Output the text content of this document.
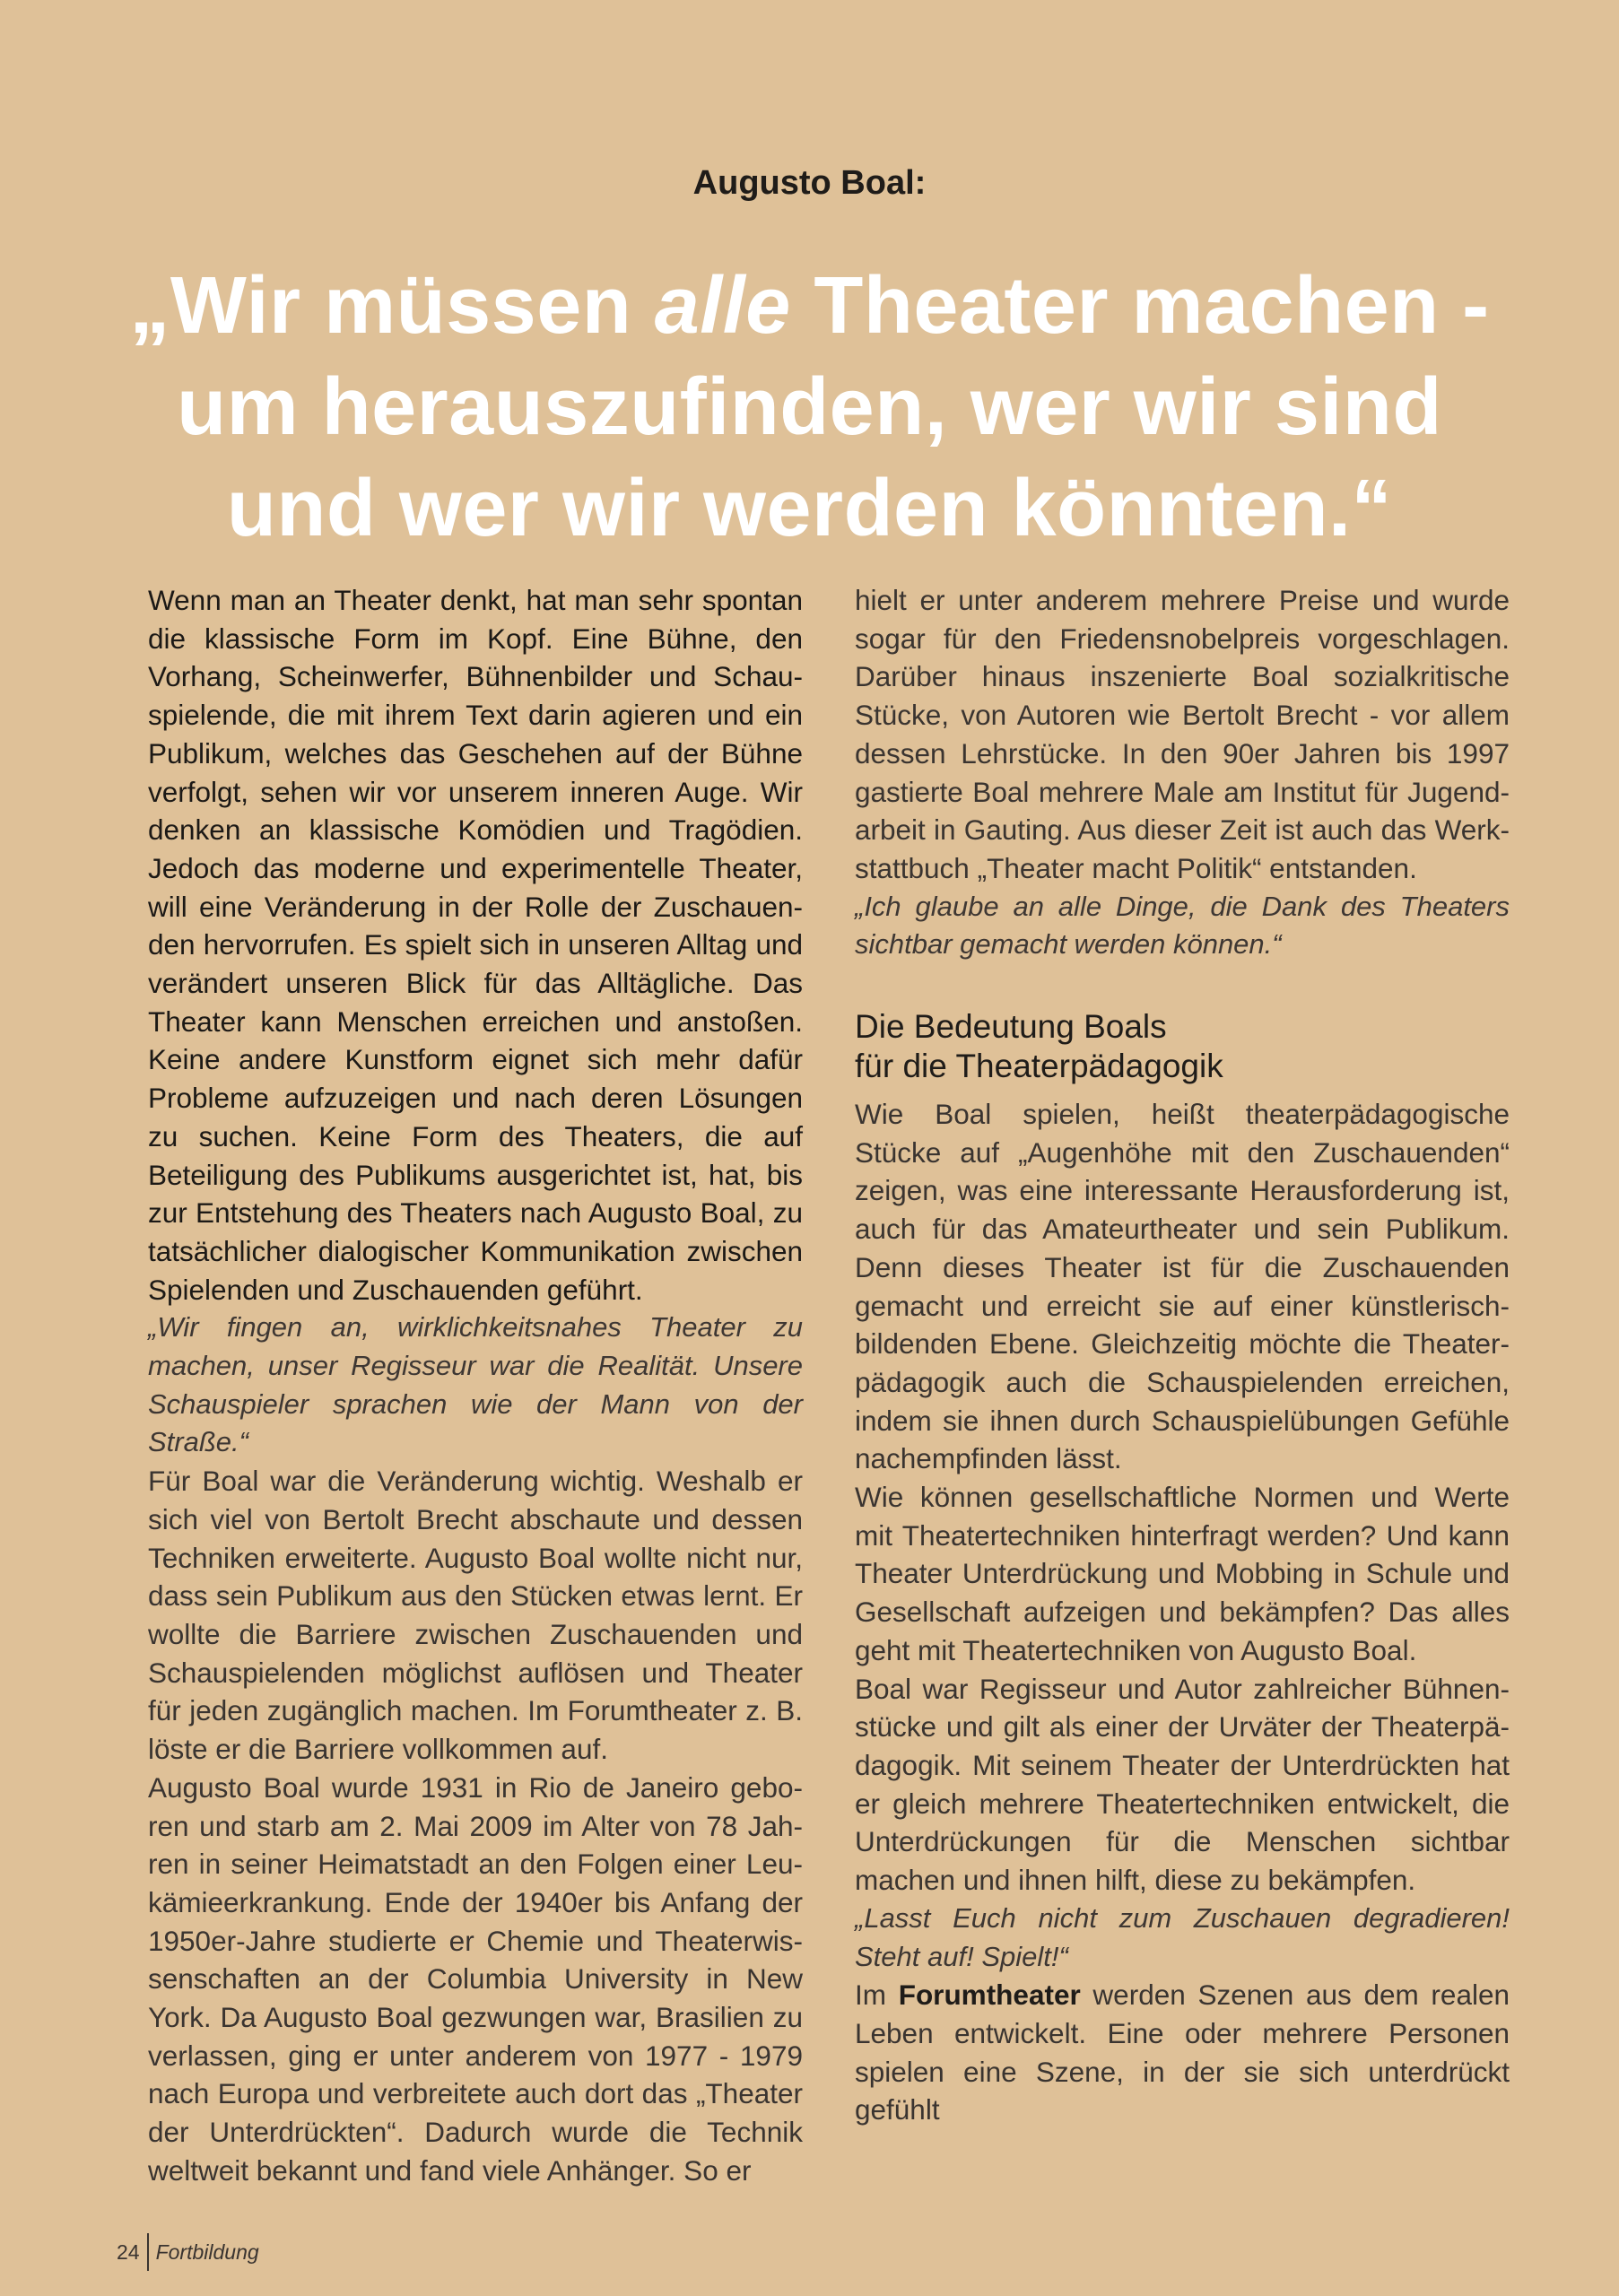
Augusto Boal:
„Wir müssen alle Theater machen -
um herauszufinden, wer wir sind
und wer wir werden könnten.“

Wenn man an Theater denkt, hat man sehr spontan die klassische Form im Kopf. Eine Bühne, den Vorhang, Scheinwerfer, Bühnenbilder und Schauspielende, die mit ihrem Text darin agieren und ein Publikum, welches das Geschehen auf der Bühne verfolgt, sehen wir vor unserem inneren Auge. Wir denken an klassische Komödien und Tragödien. Jedoch das moderne und experimentelle Theater, will eine Veränderung in der Rolle der Zuschauenden hervorrufen. Es spielt sich in unseren Alltag und verändert unseren Blick für das Alltägliche. Das Theater kann Menschen erreichen und anstoßen. Keine andere Kunstform eignet sich mehr dafür Probleme aufzuzeigen und nach deren Lösungen zu suchen. Keine Form des Theaters, die auf Beteiligung des Publikums ausgerichtet ist, hat, bis zur Entstehung des Theaters nach Augusto Boal, zu tatsächlicher dialogischer Kommunikation zwischen Spielenden und Zuschauenden geführt.

„Wir fingen an, wirklichkeitsnahes Theater zu machen, unser Regisseur war die Realität. Unsere Schauspieler sprachen wie der Mann von der Straße.“

Für Boal war die Veränderung wichtig. Weshalb er sich viel von Bertolt Brecht abschaute und dessen Techniken erweiterte. Augusto Boal wollte nicht nur, dass sein Publikum aus den Stücken etwas lernt. Er wollte die Barriere zwischen Zuschauenden und Schauspielenden möglichst auflösen und Theater für jeden zugänglich machen. Im Forumtheater z. B. löste er die Barriere vollkommen auf.

Augusto Boal wurde 1931 in Rio de Janeiro geboren und starb am 2. Mai 2009 im Alter von 78 Jahren in seiner Heimatstadt an den Folgen einer Leukämieerkrankung. Ende der 1940er bis Anfang der 1950er-Jahre studierte er Chemie und Theaterwissenschaften an der Columbia University in New York. Da Augusto Boal gezwungen war, Brasilien zu verlassen, ging er unter anderem von 1977 - 1979 nach Europa und verbreitete auch dort das „Theater der Unterdrückten“. Dadurch wurde die Technik weltweit bekannt und fand viele Anhänger. So er

hielt er unter anderem mehrere Preise und wurde sogar für den Friedensnobelpreis vorgeschlagen. Darüber hinaus inszenierte Boal sozialkritische Stücke, von Autoren wie Bertolt Brecht - vor allem dessen Lehrstücke. In den 90er Jahren bis 1997 gastierte Boal mehrere Male am Institut für Jugendarbeit in Gauting. Aus dieser Zeit ist auch das Werkstattbuch „Theater macht Politik“ entstanden.

„Ich glaube an alle Dinge, die Dank des Theaters sichtbar gemacht werden können.“

Die Bedeutung Boals
für die Theaterpädagogik

Wie Boal spielen, heißt theaterpädagogische Stücke auf „Augenhöhe mit den Zuschauenden“ zeigen, was eine interessante Herausforderung ist, auch für das Amateurtheater und sein Publikum. Denn dieses Theater ist für die Zuschauenden gemacht und erreicht sie auf einer künstlerischbildenden Ebene. Gleichzeitig möchte die Theaterpädagogik auch die Schauspielenden erreichen, indem sie ihnen durch Schauspielübungen Gefühle nachempfinden lässt.

Wie können gesellschaftliche Normen und Werte mit Theatertechniken hinterfragt werden? Und kann Theater Unterdrückung und Mobbing in Schule und Gesellschaft aufzeigen und bekämpfen? Das alles geht mit Theatertechniken von Augusto Boal.

Boal war Regisseur und Autor zahlreicher Bühnenstücke und gilt als einer der Urväter der Theaterpädagogik. Mit seinem Theater der Unterdrückten hat er gleich mehrere Theatertechniken entwickelt, die Unterdrückungen für die Menschen sichtbar machen und ihnen hilft, diese zu bekämpfen.

„Lasst Euch nicht zum Zuschauen degradieren! Steht auf! Spielt!“

Im Forumtheater werden Szenen aus dem realen Leben entwickelt. Eine oder mehrere Personen spielen eine Szene, in der sie sich unterdrückt gefühlt

24 Fortbildung
